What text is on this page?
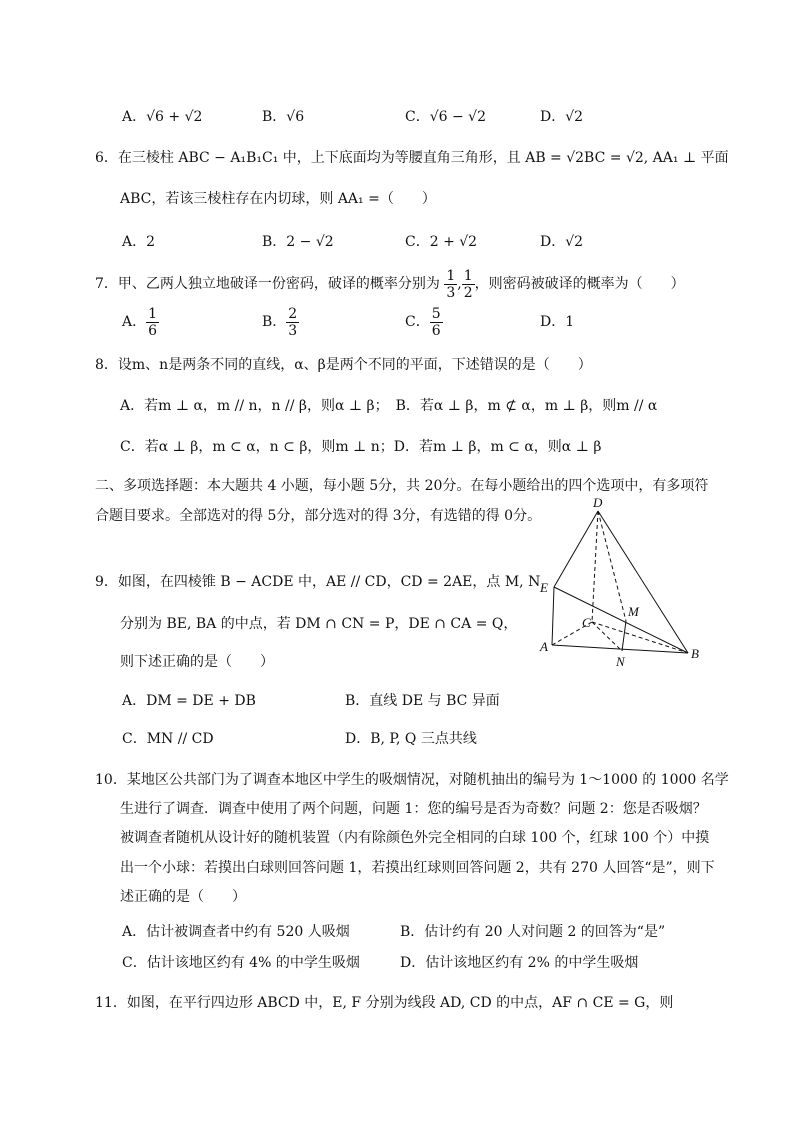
A．√6 + √2	B．√6	C．√6 − √2	D．√2
6．在三棱柱 ABC − A₁B₁C₁ 中，上下底面均为等腰直角三角形，且 AB = √2BC = √2, AA₁ ⊥ 平面
ABC，若该三棱柱存在内切球，则 AA₁ =（　　）
A．2	B．2 − √2	C．2 + √2	D．√2
7．甲、乙两人独立地破译一份密码，破译的概率分别为 $\frac{1}{3}$ , $\frac{1}{2}$ ，则密码被破译的概率为（　　）
A． $\frac{1}{6}$	B． $\frac{2}{3}$	C． $\frac{5}{6}$	D．1
8．设m、n是两条不同的直线，α、β是两个不同的平面，下述错误的是（　　）
A．若m ⊥ α，m // n，n // β，则α ⊥ β；　B．若α ⊥ β，m ⊄ α，m ⊥ β，则m // α
C．若α ⊥ β，m ⊂ α，n ⊂ β，则m ⊥ n；D．若m ⊥ β，m ⊂ α，则α ⊥ β
二、多项选择题：本大题共 4 小题，每小题 5分，共 20分。在每小题给出的四个选项中，有多项符
合题目要求。全部选对的得 5分，部分选对的得 3分，有选错的得 0分。
9．如图，在四棱锥 B − ACDE 中，AE // CD，CD = 2AE，点 M, N
分别为 BE, BA 的中点，若 DM ∩ CN = P，DE ∩ CA = Q，
则下述正确的是（　　）
A．DM = DE + DB	B．直线 DE 与 BC 异面
C．MN // CD	D．B, P, Q 三点共线
D
E
M
C
A
N
B
10．某地区公共部门为了调查本地区中学生的吸烟情况，对随机抽出的编号为 1～1000 的 1000 名学
生进行了调查．调查中使用了两个问题，问题 1：您的编号是否为奇数？问题 2：您是否吸烟？
被调查者随机从设计好的随机装置（内有除颜色外完全相同的白球 100 个，红球 100 个）中摸
出一个小球：若摸出白球则回答问题 1，若摸出红球则回答问题 2，共有 270 人回答“是”，则下
述正确的是（　　）
A．估计被调查者中约有 520 人吸烟	B．估计约有 20 人对问题 2 的回答为“是”
C．估计该地区约有 4% 的中学生吸烟	D．估计该地区约有 2% 的中学生吸烟
11．如图，在平行四边形 ABCD 中，E, F 分别为线段 AD, CD 的中点，AF ∩ CE = G，则
